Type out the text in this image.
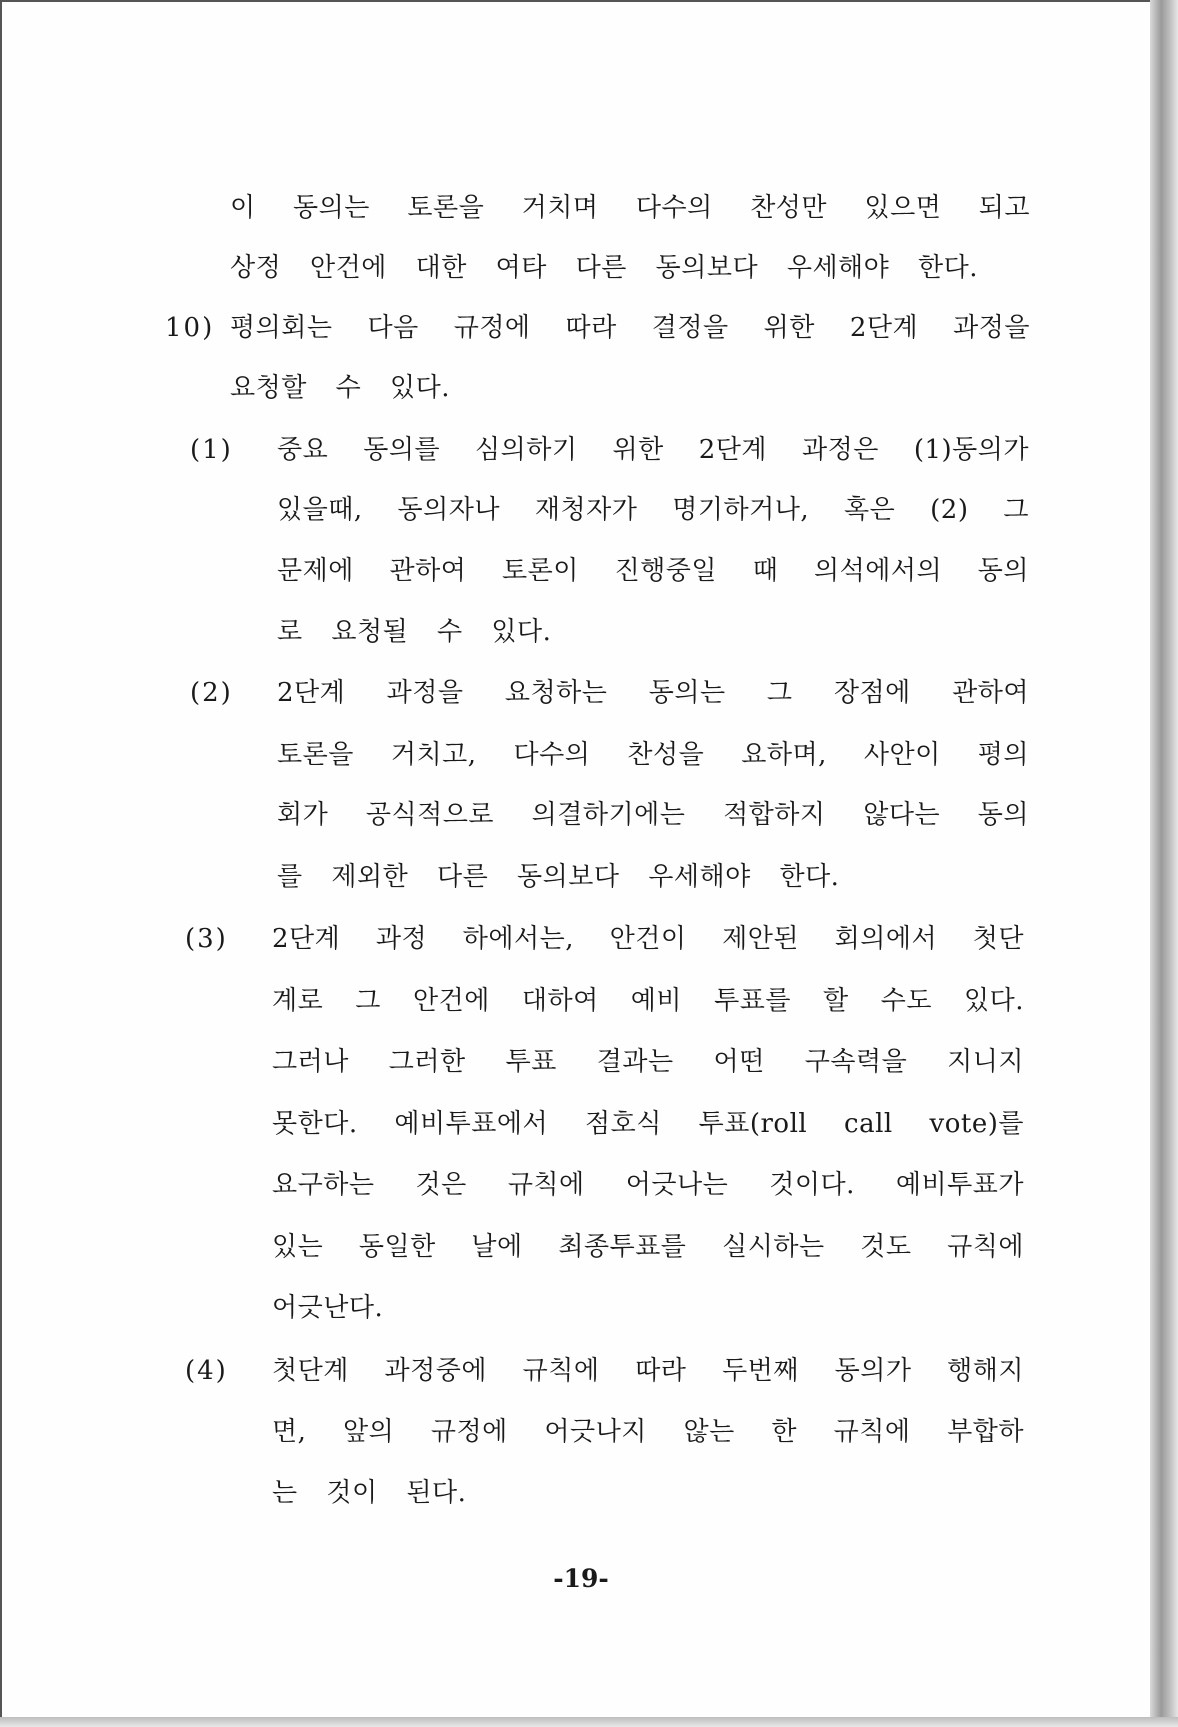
이 동의는 토론을 거치며 다수의 찬성만 있으면 되고
상정 안건에 대한 여타 다른 동의보다 우세해야 한다.
10) 평의회는 다음 규정에 따라 결정을 위한 2단계 과정을
요청할 수 있다.
(1) 중요 동의를 심의하기 위한 2단계 과정은 (1)동의가
있을때, 동의자나 재청자가 명기하거나, 혹은 (2) 그
문제에 관하여 토론이 진행중일 때 의석에서의 동의
로 요청될 수 있다.
(2) 2단계 과정을 요청하는 동의는 그 장점에 관하여
토론을 거치고, 다수의 찬성을 요하며, 사안이 평의
회가 공식적으로 의결하기에는 적합하지 않다는 동의
를 제외한 다른 동의보다 우세해야 한다.
(3) 2단계 과정 하에서는, 안건이 제안된 회의에서 첫단
계로 그 안건에 대하여 예비 투표를 할 수도 있다.
그러나 그러한 투표 결과는 어떤 구속력을 지니지
못한다. 예비투표에서 점호식 투표(roll call vote)를
요구하는 것은 규칙에 어긋나는 것이다. 예비투표가
있는 동일한 날에 최종투표를 실시하는 것도 규칙에
어긋난다.
(4) 첫단계 과정중에 규칙에 따라 두번째 동의가 행해지
면, 앞의 규정에 어긋나지 않는 한 규칙에 부합하
는 것이 된다.
-19-
